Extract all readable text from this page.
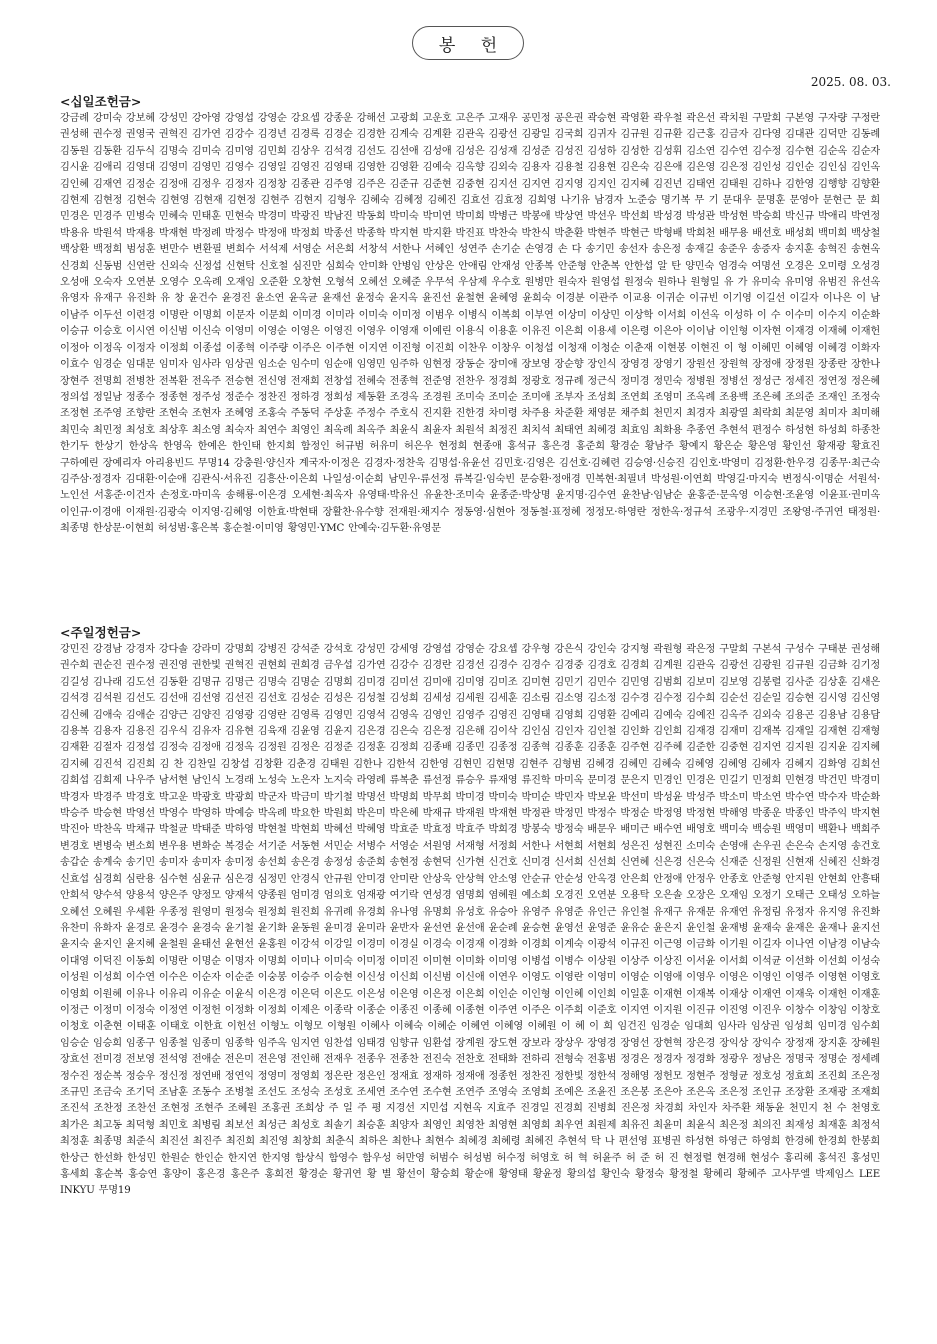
봉 헌
2025. 08. 03.
<십일조헌금>
강금례 강미숙 강보혜 강성민 강아영 강영섭 강영순 강요셉 강종운 강해선 고광희 고운호 고은주 고재우 공민정 공은권 곽승현 곽영환 곽우철 곽은선 곽치원 구말희 구본영 구자량 구정란 권성해 권수정 권영국 권혁진 김가연 김강수 김경년 김경록 김경순 김경한 김계숙 김계환 김관옥 김광선 김광일 김국희 김귀자 김규원 김규환 김근홍 김금자 김다영 김대관 김덕만 김동례 김동원 김동환 김두식 김명숙 김미숙 김미영 김민희 김상우 김석경 김선도 김선애 김성애 김성은 김성재 김성준 김성진 김성하 김성한 김성휘 김소연 김수연 김수정 김수현 김순옥 김순자 김시윤 김애리 김영대 김영미 김영민 김영수 김영일 김영진 김영태 김영한 김영환 김예숙 김옥향 김외숙 김용자 김용철 김용현 김은숙 김은애 김은영 김은정 김인성 김인순 김인심 김인옥 김인혜 김재연 김정순 김정애 김정우 김정자 김정창 김종관 김주영 김주은 김준규 김준현 김중현 김지선 김지연 김지영 김지인 김지혜 김진년 김태연 김태원 김하나 김한영 김행향 김향환 김현제 김현정 김현숙 김현영 김현재 김현정 김현주 김현지 김형우 김혜숙 김혜정 김혜진 김효선 김효정 김희영 나기유 남경자 노준승 명기복 무 기 문대우 문명훈 문영아 문현근 문 희 민경은 민경주 민병숙 민혜숙 민태훈 민현숙 박경미 박광진 박남진 박동희 박미숙 박미연 박미희 박병근 박봉애 박상연 박선우 박선희 박성경 박성관 박성현 박승희 박신규 박애리 박연정 박용유 박원석 박재용 박재현 박정례 박정수 박정애 박정희 박종선 박종학 박지현 박지환 박진표 박찬숙 박찬식 박춘환 박현주 박현근 박형배 박희천 배무용 배선호 배성희 백미희 백상철 백상환 백정희 범성훈 변만수 변환필 변희수 서석제 서영순 서은희 서창석 서한나 서혜인 성연주 손기순 손영경 손 다 송기민 송선자 송은정 송재길 송준우 송증자 송지훈 송혁진 송현옥 신경희 신동범 신연란 신외숙 신정섭 신현탁 신호철 심진만 심희숙 안미화 안병임 안상은 안애림 안재성 안종복 안준형 안춘복 안한섭 알 탄 양민숙 엄경숙 여명선 오경은 오미령 오성경 오성애 오숙자 오연분 오영수 오옥례 오재임 오준환 오창현 오형석 오혜선 오혜준 우무석 우삼제 우수호 원병만 원숙자 원영섭 원정숙 원하나 원형일 유 가 유미숙 유미영 유범진 유선옥 유영자 유재구 유진화 유 창 윤건수 윤경진 윤소연 윤옥균 윤재선 윤정숙 윤지옥 윤진선 윤철현 윤혜영 윤희숙 이경분 이관주 이교용 이귀순 이규빈 이기영 이길선 이길자 이나은 이 남 이남주 이두선 이련경 이명란 이명희 이문자 이문희 이미경 이미라 이미숙 이미정 이범우 이병식 이복희 이부연 이상미 이상민 이상학 이서희 이선옥 이성하 이 수 이수미 이수지 이순화 이승규 이승호 이시연 이신범 이신숙 이영미 이영순 이영은 이영진 이영우 이영재 이예린 이용식 이용훈 이유진 이은희 이용세 이은령 이은아 이이남 이인형 이자현 이재경 이재혜 이재헌 이정아 이정옥 이정자 이정희 이종섭 이종혁 이주량 이주은 이주현 이지연 이진형 이진희 이찬우 이창우 이청섭 이청재 이청순 이춘재 이현봉 이현진 이 형 이혜민 이혜영 이혜경 이화자 이효수 임경순 임대문 임미자 임사라 임상권 임소순 임수미 임순애 임영민 임주하 임현정 장동순 장미애 장보영 장순향 장인식 장영경 장영기 장원선 장원혁 장정애 장정원 장종란 장한나 장현주 전명희 전병찬 전복환 전옥주 전승현 전신영 전재희 전창섭 전혜숙 전종혁 전준영 전찬우 정경희 정광호 정규례 정근식 정미경 정민숙 정병원 정병선 정성근 정세진 정연정 정은혜 정의섭 정일남 정종수 정종현 정주성 정준수 정찬진 정하경 정회성 제동환 조경옥 조경원 조미숙 조미순 조미애 조부자 조성희 조연희 조영미 조옥례 조용백 조은혜 조의준 조재인 조정숙 조정현 조주영 조향란 조현숙 조현자 조혜영 조홍숙 주동덕 주상훈 주정수 주호식 진지환 진한경 차미령 차주용 차준환 채영문 채주희 천민지 최경자 최광열 최락희 최문영 최미자 최미해 최민숙 최민정 최성호 최상후 최소영 최숙자 최연수 최영인 최옥례 최옥주 최윤식 최윤자 최원석 최정진 최치석 최태연 최혜경 최효임 최화용 추종연 추현석 편정수 하성현 하성희 하종찬 한기두 한상기 한상옥 한영옥 한예은 한인태 한지희 함정인 허규범 허유미 허은우 현정희 현종애 홍석규 홍은경 홍준희 황경순 황남주 황예지 황은순 황은영 황인선 황재광 황효진 구하예린 장예리자 아리용빈드 무명14 강충원·양신자 계국자·이정은 김경자·정찬욱 김명섭·유윤선 김민호·김영은 김선호·김혜련 김승영·신승진 김인호·박영미 김정환·한우경 김종무·최근숙 김주삼·정경자 김대환·이순애 김관식·서유진 김흥산·이은희 나일성·이순희 남민우·류선정 류복길·임숙빈 문승환·정애경 민복현·최필녀 박성원·이연희 박영길·마지숙 변정식·이명순 서원석·노인선 서홍준·이건자 손정호·마미옥 송해룡·이은경 오세현·최옥자 유영태·박유신 유윤찬·조미숙 윤종준·박상명 윤지명·김수연 윤찬남·임남순 윤홍준·문옥영 이승현·조윤영 이윤표·권미옥 이인규·이경애 이재원·김광숙 이지영·김혜영 이한효·박현태 장활찬·유수향 전재원·채지수 정동영·심현아 정동철·표정혜 정정모·하영란 정한옥·정규석 조광우·지경민 조왕영·주귀연 태정원·최종명 한상문·이현희 허성범·홍은복 홍순철·이미영 황영민·YMC 안예숙·김두환·유영문
<주일정헌금>
강민진 강경남 강경자 강다솔 강라미 강명희 강병진 강석준 강석호 강성민 강세영 강영섭 강영순 강요셉 강우형 강은식 강인숙 강지형 곽원형 곽은정 구말희 구본석 구성수 구태분 권성해 권수희 권순진 권수정 권진영 권한빛 권혁진 권현희 권희경 금우섭 김가연 김강수 김경란 김경선 김경수 김경수 김경중 김경호 김경희 김계원 김관옥 김광선 김광원 김규원 김금화 김기정 김길성 김나래 김도선 김동환 김명규 김명근 김명숙 김명순 김명희 김미경 김미선 김미애 김미영 김미조 김미현 김민기 김민수 김민영 김범희 김보미 김보영 김봉렬 김사준 김상훈 김새은 김석경 김석원 김선도 김선애 김선영 김선진 김선호 김성순 김성은 김성철 김성희 김세성 김세원 김세훈 김소림 김소영 김소정 김수경 김수정 김수희 김순선 김순일 김승현 김시영 김신영 김신혜 김애숙 김애순 김양근 김양진 김영광 김영란 김영록 김영민 김영석 김영옥 김영인 김영주 김영진 김영태 김영희 김영환 김예리 김예숙 김예진 김옥주 김외숙 김용곤 김용남 김용담 김용복 김용자 김용진 김우식 김유자 김유현 김육재 김윤영 김윤지 김은경 김은숙 김은정 김은해 김이삭 김인심 김인자 김인철 김인화 김인희 김재경 김재미 김재복 김재일 김재현 김재형 김재환 김절자 김정섭 김정숙 김정애 김정옥 김정원 김정은 김정준 김정훈 김정희 김종배 김종민 김종정 김종혁 김종훈 김종훈 김주현 김주혜 김준한 김중현 김지연 김지원 김지윤 김지혜 김지혜 김진석 김진희 김 찬 김찬일 김창섭 김창환 김춘경 김태원 김한나 김한석 김한영 김현민 김현명 김현주 김형범 김혜경 김혜민 김혜숙 김혜영 김혜영 김혜자 김혜지 김화영 김희선 김희섭 김희제 나우주 남서현 남인식 노경래 노성숙 노은자 노지숙 라영례 류복춘 류선정 류승우 류재영 류진학 마미옥 문미경 문은지 민경인 민경은 민길기 민정희 민현경 박건민 박경미 박경자 박경주 박경호 박고운 박광호 박광희 박군자 박금미 박기철 박명선 박명희 박무희 박미경 박미숙 박미순 박민자 박보윤 박선미 박성윤 박성주 박소미 박소연 박수연 박수자 박순화 박승주 박승현 박영선 박영수 박영하 박예승 박옥례 박요한 박원희 박은미 박은혜 박재규 박재원 박재현 박정관 박정민 박정수 박정순 박정영 박정현 박해영 박종운 박종인 박주익 박지현 박진아 박찬옥 박채규 박철균 박태준 박하영 박현철 박현희 박혜선 박혜영 박효준 박효정 박효주 박희경 방봉숙 방정숙 배문우 배미근 배수연 배영호 백미숙 백승원 백영미 백환나 백희주 변경호 변병숙 변소희 변우용 변화순 복경순 서기준 서동현 서민순 서병수 서영순 서원영 서재형 서정희 서한나 서현희 서현희 성은진 성현진 소미숙 손영애 손우권 손은숙 손지영 송건호 송갑순 송계숙 송기민 송미자 송미자 송미정 송선희 송은경 송정성 송준희 송현정 송현덕 신가현 신건호 신미경 신서희 신선희 신연혜 신은경 신은숙 신재준 신정원 신현재 신혜진 신화경 신효섭 심경희 심란용 심수현 심윤규 심은경 심정민 안경식 안규원 안미경 안미란 안상욱 안상혁 안소영 안순규 안순성 안옥경 안은희 안정애 안정우 안종호 안준형 안지원 안현희 안흥태 안희석 양수석 양용석 양은주 양정모 양재석 양종원 엄미경 엄의호 엄재광 여기락 연성경 염명희 염혜원 예소희 오경진 오연분 오용탁 오은솔 오장은 오재임 오정기 오태근 오태성 오하늘 오혜선 오혜원 우세환 우종정 원영미 원정숙 원정희 원진희 유귀례 유경희 유나영 유명희 유성호 유승아 유영주 유영준 유인근 유인철 유재구 유재문 유재연 유정림 유정자 유지영 유진화 유찬미 유화자 윤경로 윤경수 윤경숙 윤기철 윤기화 윤동원 윤미경 윤미라 윤반자 윤선연 윤선애 윤순례 윤승현 윤영선 윤영준 윤유순 윤은지 윤인철 윤재병 윤재숙 윤재은 윤재나 윤지선 윤지숙 윤지인 윤지혜 윤철원 윤태선 윤현선 윤홍원 이강석 이강일 이경미 이경실 이경숙 이경재 이경화 이경희 이계숙 이광석 이규진 이근영 이금화 이기원 이길자 이나연 이남경 이남숙 이대영 이덕진 이동희 이명란 이명순 이명자 이명희 이미나 이미숙 이미정 이미진 이미현 이미화 이미영 이병섭 이병수 이상원 이상주 이상진 이서윤 이서희 이석균 이선화 이선희 이성숙 이성원 이성희 이수연 이수은 이순자 이순준 이숭봉 이승주 이승현 이신성 이신희 이신범 이신애 이연우 이영도 이영란 이영미 이영순 이영애 이영우 이영은 이영인 이영주 이영현 이영호 이영희 이원혜 이유나 이유리 이유순 이윤식 이은경 이은덕 이은도 이은성 이은영 이은정 이은희 이인순 이인형 이인혜 이인희 이일훈 이재현 이재복 이재상 이재연 이재욱 이재헌 이재훈 이정근 이정미 이정숙 이정연 이정헌 이정화 이정희 이제은 이종락 이종순 이종진 이종혜 이종현 이주연 이주은 이주희 이준호 이지연 이지원 이진규 이진영 이진우 이창수 이창임 이창호 이청호 이춘현 이태훈 이태호 이한효 이헌선 이형노 이형모 이형원 이혜사 이혜숙 이혜순 이혜연 이혜영 이혜원 이 혜 이 희 임건진 임경순 임대희 임사라 임상권 임성희 임미경 임수희 임승순 임승희 임종구 임종철 임종미 임종학 임주옥 임지연 임찬섭 임태경 임향규 임환섭 장계원 장도현 장보라 장상우 장영경 장영선 장현혁 장은경 장익상 장익수 장정재 장지훈 장혜원 장효선 전미경 전보영 전석영 전애순 전은미 전은영 전인해 전재우 전종우 전종찬 전진숙 전찬호 전태화 전하리 전형숙 전홍범 정경은 정경자 정경화 정광우 정남은 정명국 정명순 정세례 정수진 정순복 정승우 정신정 정연배 정연익 정영미 정영희 정은란 정은인 정재효 정재하 정재애 정종헌 정찬진 정한빛 정한석 정해영 정헌모 정현주 정형균 정호성 정효희 조진희 조은정 조규민 조금숙 조기덕 조남훈 조동수 조병철 조선도 조성숙 조성호 조세연 조수연 조수현 조연주 조영숙 조영희 조예은 조윤진 조은봉 조은아 조은옥 조은정 조인규 조장환 조재광 조재희 조진석 조찬정 조찬선 조현정 조현주 조혜원 조홍권 조희상 주 일 주 평 지경선 지민섭 지현옥 지효주 진경일 진경희 진병희 진은정 차경희 차인자 차주환 채동윤 천민지 천 수 천영호 최가은 최고동 최덕형 최민호 최병림 최보선 최성근 최성호 최솔기 최승훈 최양자 최영인 최영찬 최영현 최영희 최우연 최원제 최유진 최윤미 최윤식 최은정 최의진 최재성 최재훈 최정석 최정훈 최종명 최준식 최진선 최진주 최진희 최진영 최창희 최춘식 최하은 최한나 최현수 최혜경 최혜령 최혜진 추현석 탁 나 편선영 표병권 하성현 하영근 하영희 한경혜 한경희 한봉희 한상근 한선화 한성민 한원순 한인순 한지연 한지영 함상식 함영수 함우성 허만영 허범수 허성범 허수정 허영호 허 혁 허윤주 허 준 허 진 현정렬 현경해 현성수 홍리혜 홍석진 홍성민 홍세희 홍순복 홍승연 홍양이 홍은경 홍은주 홍희전 황경순 황귀연 황 별 황선이 황승희 황순애 황영태 황윤정 황의섭 황인숙 황정숙 황정철 황혜리 황혜주 고사무엘 박제임스 LEE INKYU 무명19
